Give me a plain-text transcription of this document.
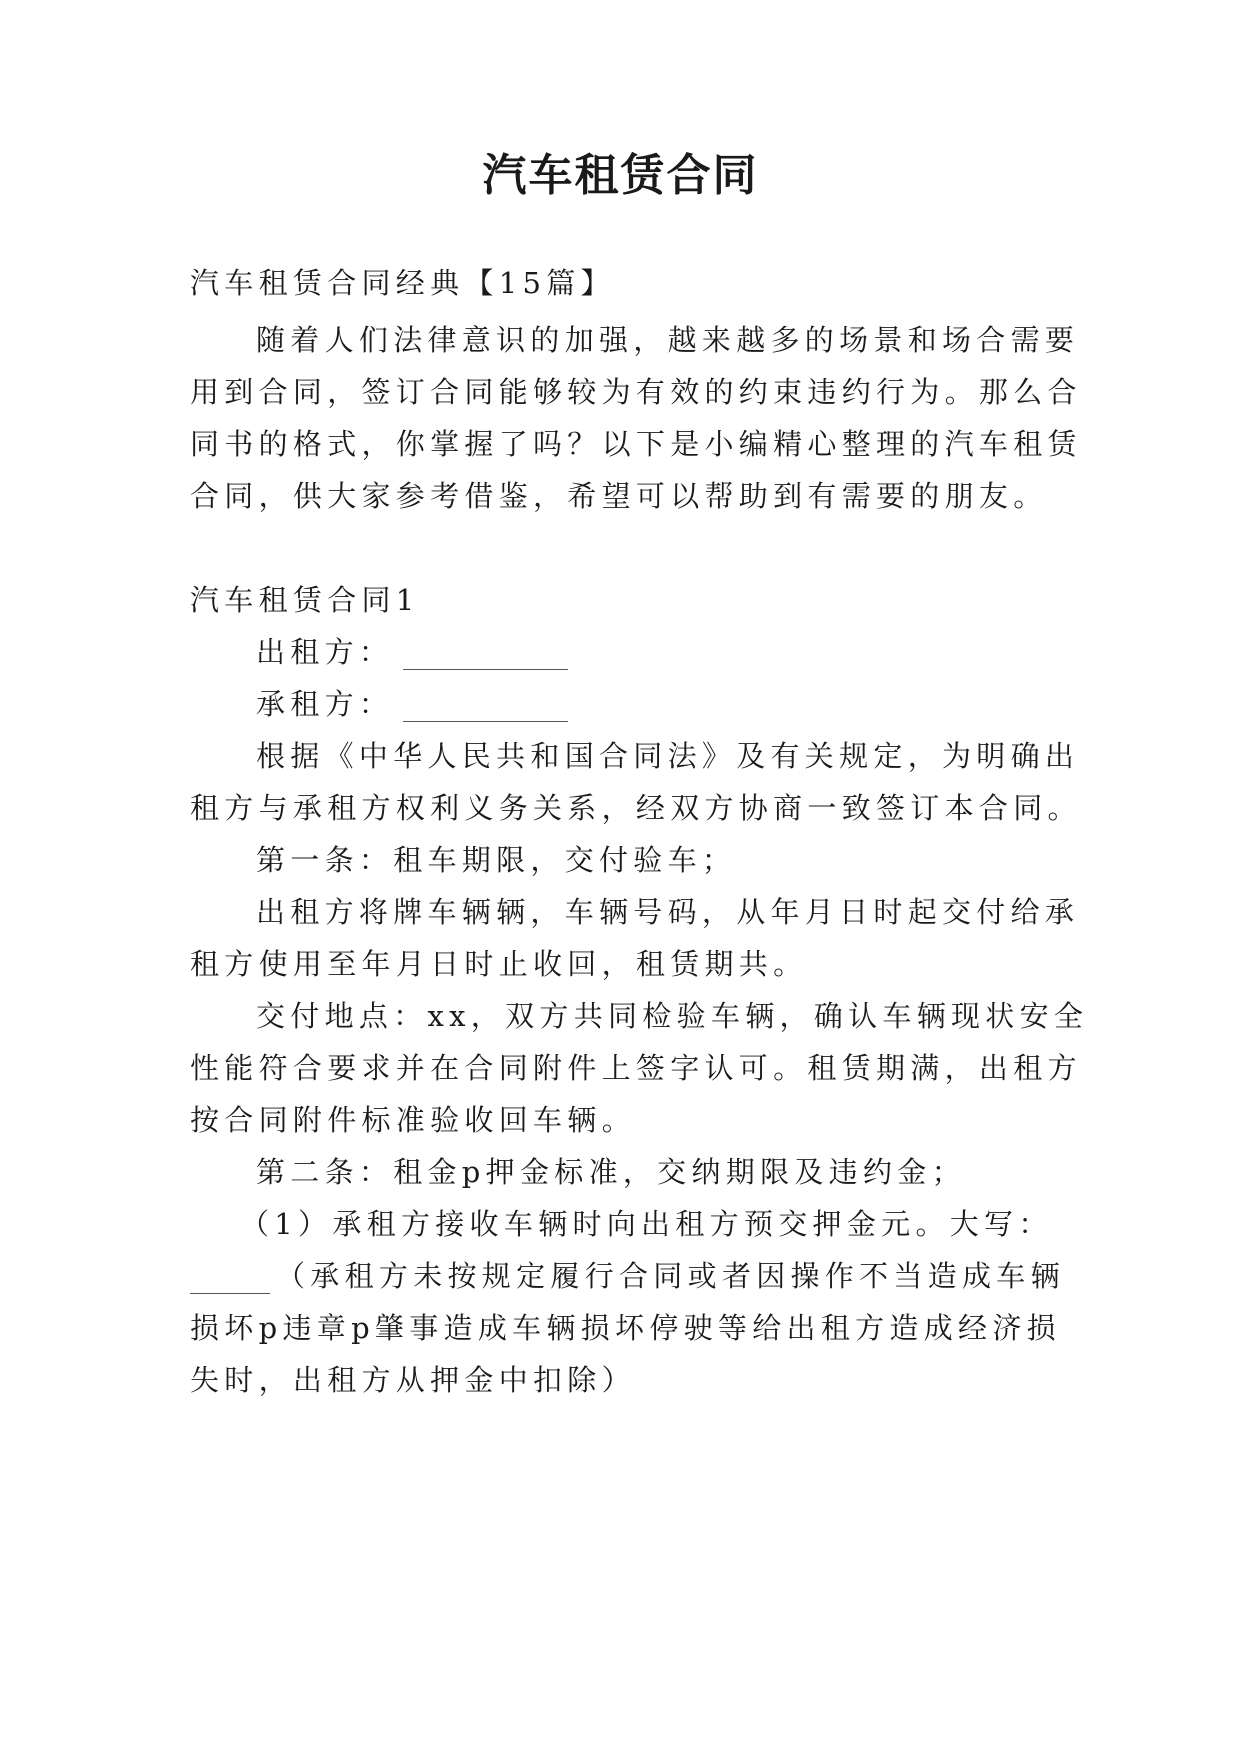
汽车租赁合同

汽车租赁合同经典【15篇】

随着人们法律意识的加强，越来越多的场景和场合需要

用到合同，签订合同能够较为有效的约束违约行为。那么合

同书的格式，你掌握了吗？以下是小编精心整理的汽车租赁

合同，供大家参考借鉴，希望可以帮助到有需要的朋友。

汽车租赁合同1

出租方：

承租方：

根据《中华人民共和国合同法》及有关规定，为明确出

租方与承租方权利义务关系，经双方协商一致签订本合同。

第一条：租车期限，交付验车；

出租方将牌车辆辆，车辆号码，从年月日时起交付给承

租方使用至年月日时止收回，租赁期共。

交付地点：xx，双方共同检验车辆，确认车辆现状安全

性能符合要求并在合同附件上签字认可。租赁期满，出租方

按合同附件标准验收回车辆。

第二条：租金p押金标准，交纳期限及违约金；

（1）承租方接收车辆时向出租方预交押金元。大写：

（承租方未按规定履行合同或者因操作不当造成车辆

损坏p违章p肇事造成车辆损坏停驶等给出租方造成经济损

失时，出租方从押金中扣除）
